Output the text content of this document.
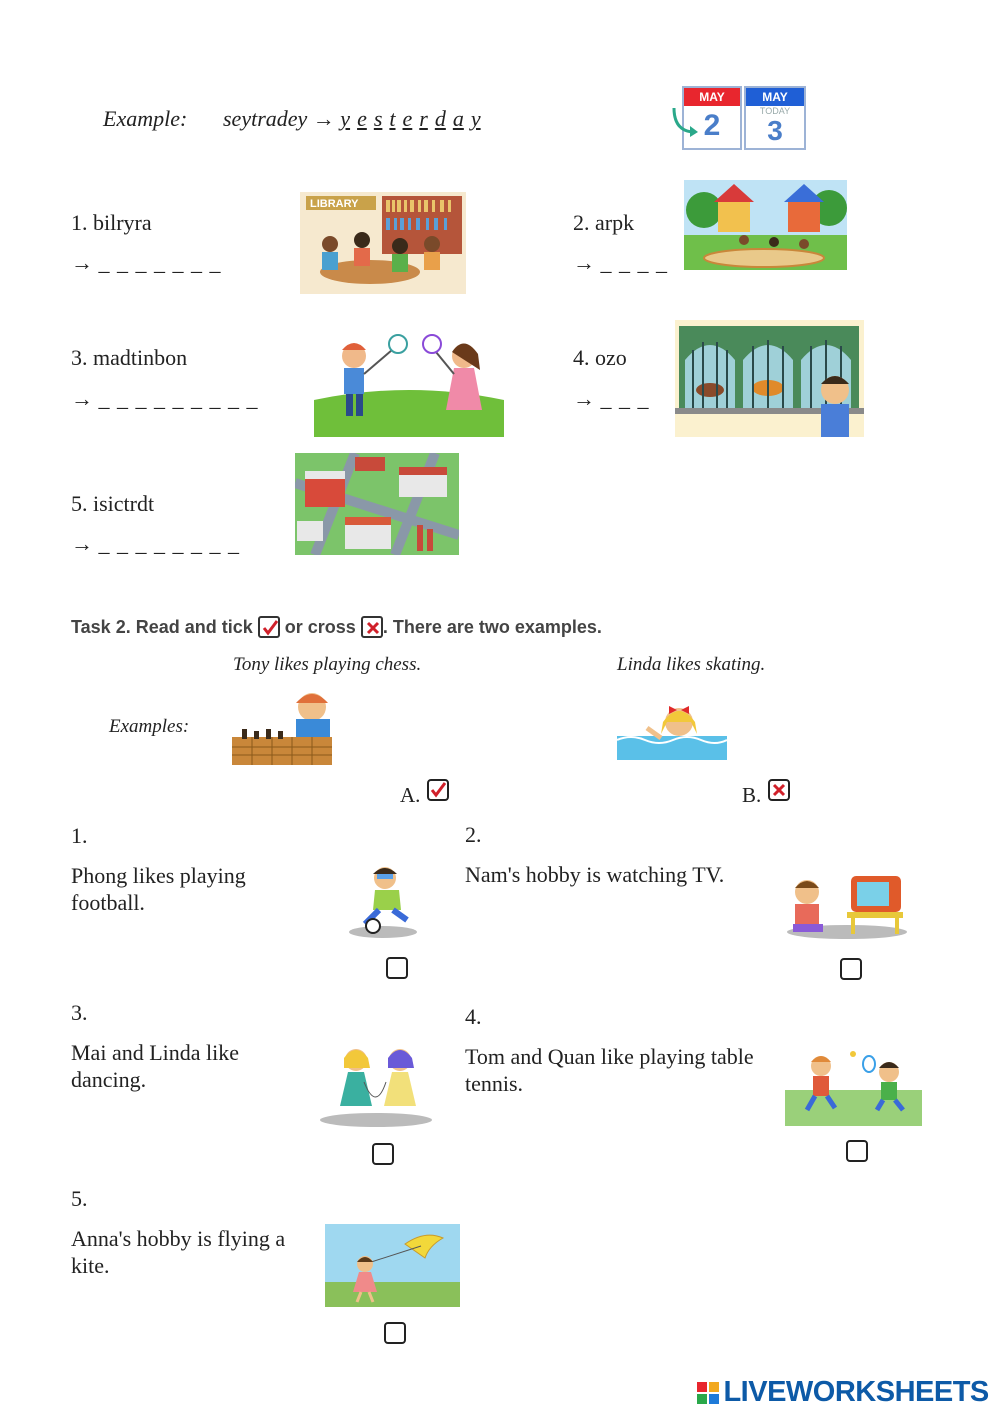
Example: seytradey → y e s t e r d a y
MAY
2
MAY
TODAY
3
1. bilryra
→ _ _ _ _ _ _ _
LIBRARY
2. arpk
→ _ _ _ _
3. madtinbon
→ _ _ _ _ _ _ _ _ _
4. ozo
→ _ _ _
5. isictrdt
→ _ _ _ _ _ _ _ _
Task 2. Read and tick or cross . There are two examples.
Tony likes playing chess.	Linda likes skating.
Examples:
A.	B.
1.
Phong likes playing
football.
2.
Nam's hobby is watching TV.
3.
Mai and Linda like
dancing.
4.
Tom and Quan like playing table
tennis.
5.
Anna's hobby is flying a
kite.
LIVEWORKSHEETS
